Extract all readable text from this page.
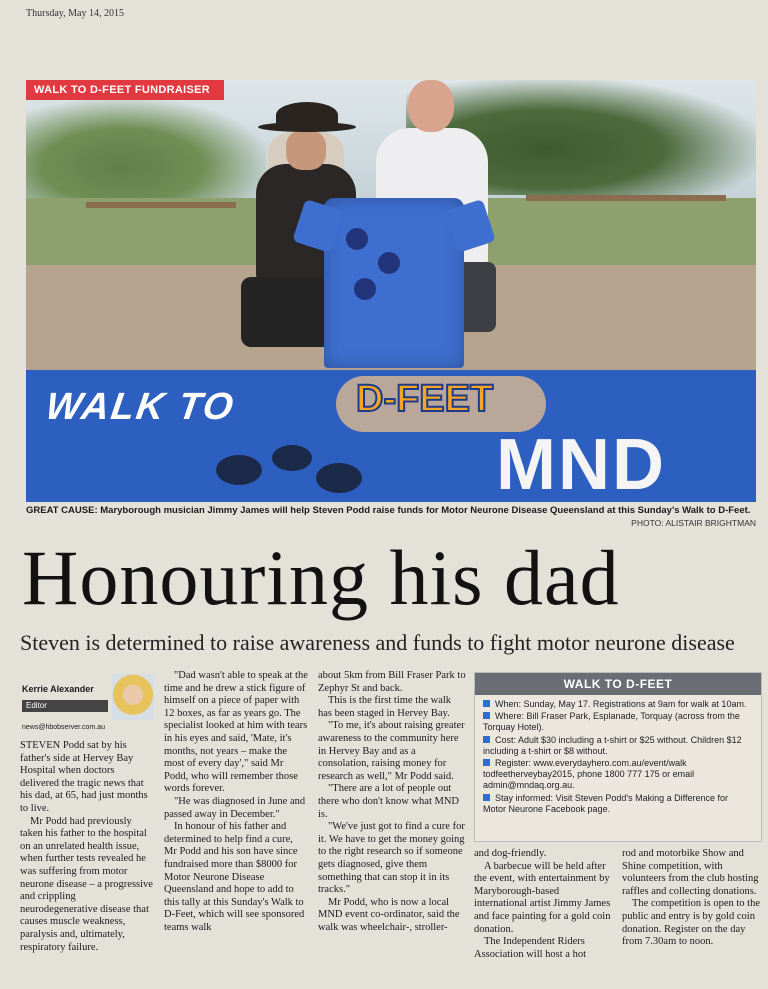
Thursday, May 14, 2015
WALK TO	D-FEET
MND
WALK TO D-FEET FUNDRAISER
GREAT CAUSE: Maryborough musician Jimmy James will help Steven Podd raise funds for Motor Neurone Disease Queensland at this Sunday's Walk to D-Feet.
PHOTO: ALISTAIR BRIGHTMAN
Honouring his dad
Steven is determined to raise awareness and funds to fight motor neurone disease
Kerrie Alexander
Editor
news@hbobserver.com.au

STEVEN Podd sat by his father's side at Hervey Bay Hospital when doctors delivered the tragic news that his dad, at 65, had just months to live.

Mr Podd had previously taken his father to the hospital on an unrelated health issue, when further tests revealed he was suffering from motor neurone disease – a progressive and crippling neurodegenerative disease that causes muscle weakness, paralysis and, ultimately, respiratory failure.

"Dad wasn't able to speak at the time and he drew a stick figure of himself on a piece of paper with 12 boxes, as far as years go. The specialist looked at him with tears in his eyes and said, 'Mate, it's months, not years – make the most of every day'," said Mr Podd, who will remember those words forever.

"He was diagnosed in June and passed away in December."

In honour of his father and determined to help find a cure, Mr Podd and his son have since fundraised more than $8000 for Motor Neurone Disease Queensland and hope to add to this tally at this Sunday's Walk to D-Feet, which will see sponsored teams walk

about 5km from Bill Fraser Park to Zephyr St and back.

This is the first time the walk has been staged in Hervey Bay.

"To me, it's about raising greater awareness to the community here in Hervey Bay and as a consolation, raising money for research as well," Mr Podd said.

"There are a lot of people out there who don't know what MND is.

"We've just got to find a cure for it. We have to get the money going to the right research so if someone gets diagnosed, give them something that can stop it in its tracks."

Mr Podd, who is now a local MND event co-ordinator, said the walk was wheelchair-, stroller-

WALK TO D-FEET
When: Sunday, May 17. Registrations at 9am for walk at 10am.
Where: Bill Fraser Park, Esplanade, Torquay (across from the Torquay Hotel).
Cost: Adult $30 including a t-shirt or $25 without. Children $12 including a t-shirt or $8 without.
Register: www.everydayhero.com.au/event/walk todfeetherveybay2015, phone 1800 777 175 or email admin@mndaq.org.au.
Stay informed: Visit Steven Podd's Making a Difference for Motor Neurone Facebook page.

and dog-friendly.

A barbecue will be held after the event, with entertainment by Maryborough-based international artist Jimmy James and face painting for a gold coin donation.

The Independent Riders Association will host a hot

rod and motorbike Show and Shine competition, with volunteers from the club hosting raffles and collecting donations.

The competition is open to the public and entry is by gold coin donation. Register on the day from 7.30am to noon.
